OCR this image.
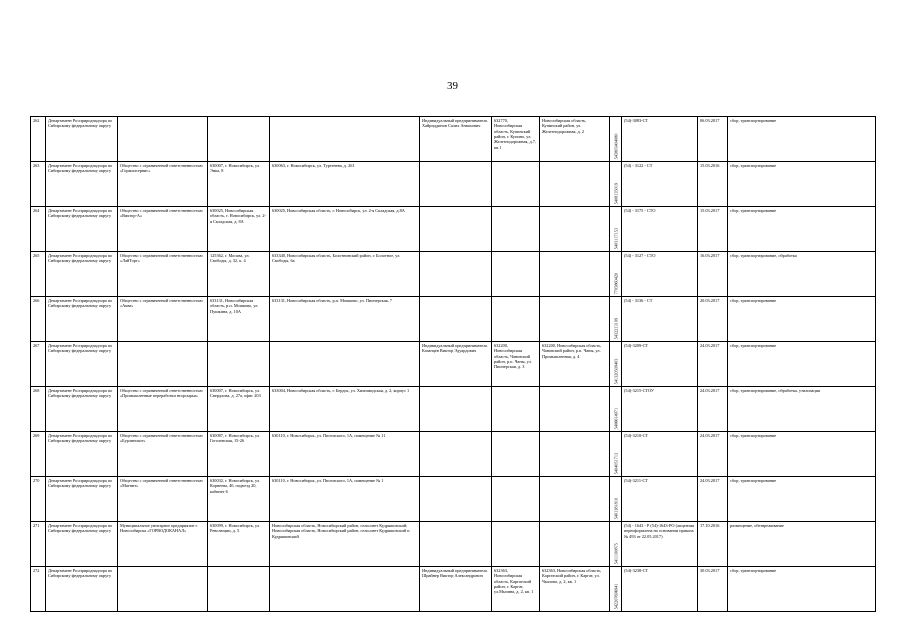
39
262	Департамент Росприроднадзора по Сибирскому федеральному округу				Индивидуальный предприниматель Хайриддинов Салих Анвахович	632770, Новосибирская область, Купинский район, г. Купино, ул. Железнодорожная, д.7, кв.1	Новосибирская область, Купинский район, ул. Железнодорожная, д. 2	543803404080	(54)-3083-СТ	06.03.2017	сбор, транспортирование
263	Департамент Росприроднадзора по Сибирскому федеральному округу	Общество с ограниченной ответственностью «Горжилсервис»	630007, г. Новосибирск, ул. Энка, 8	630063, г. Новосибирск, ул. Тургенева, д. 261				5408135019	(54) - 3122 - СТ	15.03.2016	сбор, транспортирование
264	Департамент Росприроднадзора по Сибирскому федеральному округу	Общество с ограниченной ответственностью «Виктор-А»	630025, Новосибирская область, г. Новосибирск, ул. 2-я Складская, д. 8А	630025, Новосибирская область, г. Новосибирск, ул. 2-я Складская, д.8А				5403117153	(54) - 3175 - СТО	15.03.2017	сбор, транспортирование
265	Департамент Росприроднадзора по Сибирскому федеральному округу	Общество с ограниченной ответственностью «ЛайТорг»	125362, г. Москва, ул. Свободы, д. 32, к. 4	633340, Новосибирская область, Болотнинский район, г. Болотное, ул. Свободы, 6а				7705860420	(54) - 3127 - СТО	16.03.2017	сбор, транспортирование, обработка
266	Департамент Росприроднадзора по Сибирскому федеральному округу	Общество с ограниченной ответственностью «Аква»	633131, Новосибирская область, р.п. Мошково, ул. Пушкина, д. 10А	633131, Новосибирская область, р.п. Мошково, ул. Пионерская, 7				5432213109	(54) - 3136 - СТ	20.03.2017	сбор, транспортирование
267	Департамент Росприроднадзора по Сибирскому федеральному округу				Индивидуальный предприниматель Казанцев Виктор Эдуардович	632200, Новосибирская область, Чановский район, р.п. Чаны, ул. Пионерская, д. 3	632200, Новосибирская область, Чановский район, р.п. Чаны, ул. Промышленная, д. 4	541320509403	(54)-3209-СТ	24.03.2017	сбор, транспортирование
268	Департамент Росприроднадзора по Сибирскому федеральному округу	Общество с ограниченной ответственностью «Промышленные переработки вторсырья»	630007, г. Новосибирск, ул. Свердлова, д. 27а, офис 203	633004, Новосибирская область, г. Бердск, ул. Химзаводская, д. 2, корпус 1				5406614971	(54)-3215-СТОУ	24.03.2017	сбор, транспортирование, обработка, утилизация
269	Департамент Росприроднадзора по Сибирскому федеральному округу	Общество с ограниченной ответственностью «Бурлинское»	630087, г. Новосибирск, ул. Гоголевская, 15-26	630110, г. Новосибирск, ул. Писемского, 1А, помещение № 11				5404051713	(54)-3210-СТ	24.03.2017	сбор, транспортирование
270	Департамент Росприроднадзора по Сибирскому федеральному округу	Общество с ограниченной ответственностью «Магнит»	630032, г. Новосибирск, ул. Корнеева, 40, подъезд 20, кабинет 6	630110, г. Новосибирск, ул. Писемского, 1А, помещение № 1				5401381810	(54)-3211-СТ	24.03.2017	сбор, транспортирование
271	Департамент Росприроднадзора по Сибирскому федеральному округу	Муниципальное унитарное предприятие г. Новосибирска «ГОРВОДОКАНАЛ»	630099, г. Новосибирск, ул. Революции, д. 5	Новосибирская область, Новосибирский район, сельсовет Кудряшовский; Новосибирская область, Новосибирский район, сельсовет Кудряшовский п. Кудряшовский				5411100875	(54) - 1643 - Р (54)-1643-РО (лицензия переоформлена на основании приказа № 493 от 22.05.2017)	17.10.2016	размещение, обезвреживание
272	Департамент Росприроднадзора по Сибирскому федеральному округу				Индивидуальный предприниматель Шрайнер Виктор Александрович	632363, Новосибирская область, Каргатский район, г. Каргат, ул.Мызина, д. 2, кв. 1	632363, Новосибирская область, Каргатский район, г. Каргат, ул. Чкалова, д. 2, кв. 1	542207696941	(54)-3238-СТ	30.03.2017	сбор, транспортирование
